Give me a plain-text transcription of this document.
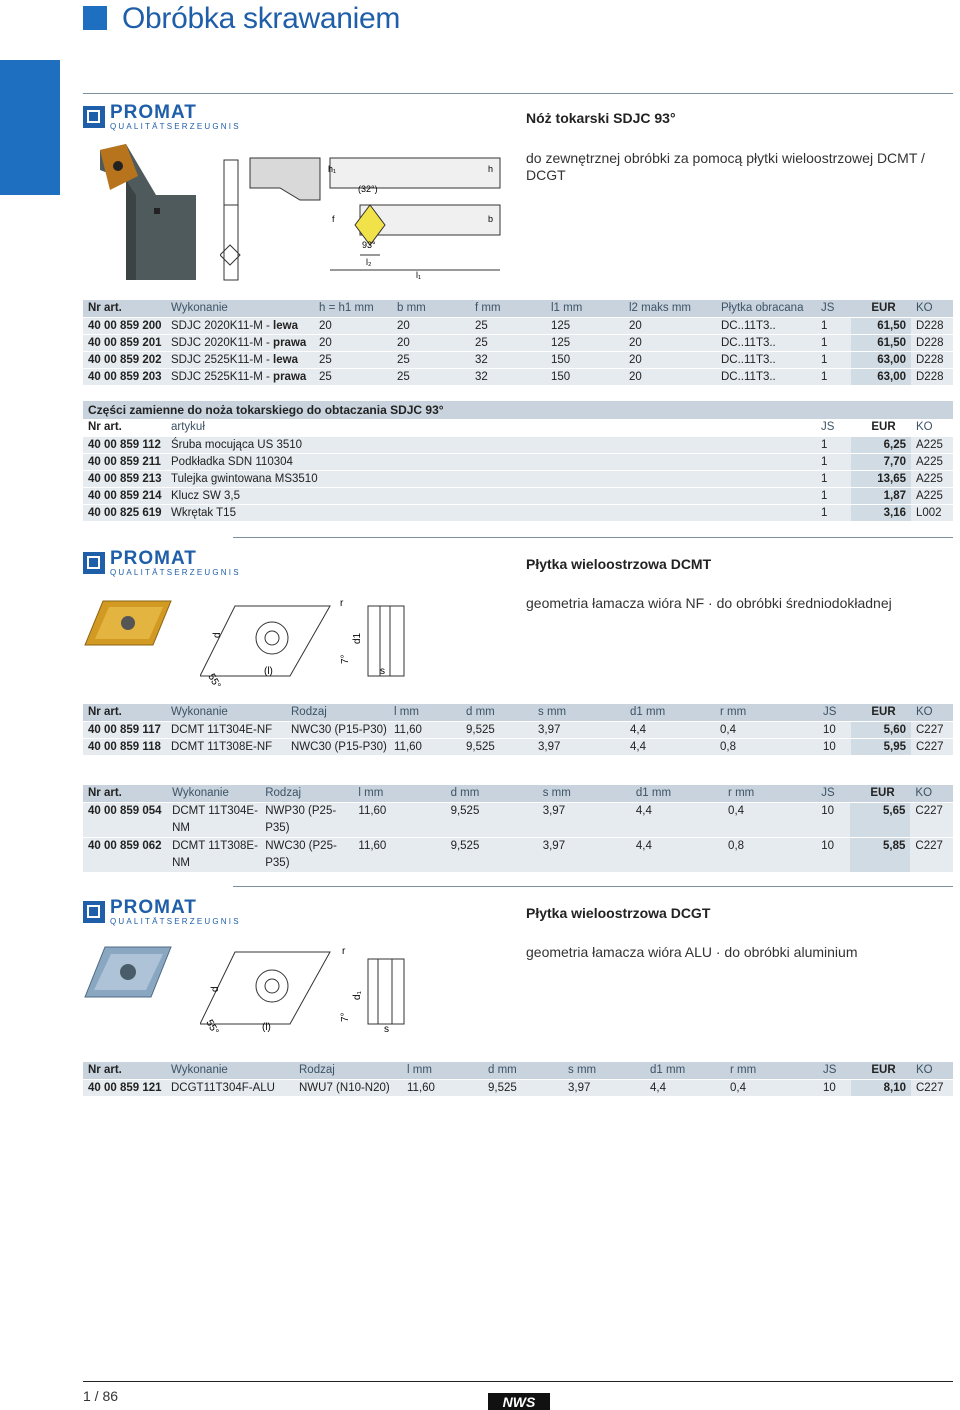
Obróbka skrawaniem
PROMAT
QUALITÄTSERZEUGNIS
Nóż tokarski SDJC 93°
do zewnętrznej obróbki za pomocą płytki wieloostrzowej DCMT / DCGT
h₁	h
(32°)
f	b
93°
l₂
l₁
Nr art.	Wykonanie	h = h1 mm	b mm	f mm	l1 mm	l2 maks mm	Płytka obracana	JS	EUR	KO
40 00 859 200	SDJC 2020K11-M - lewa	20	20	25	125	20	DC..11T3..	1	61,50	D228
40 00 859 201	SDJC 2020K11-M - prawa	20	20	25	125	20	DC..11T3..	1	61,50	D228
40 00 859 202	SDJC 2525K11-M - lewa	25	25	32	150	20	DC..11T3..	1	63,00	D228
40 00 859 203	SDJC 2525K11-M - prawa	25	25	32	150	20	DC..11T3..	1	63,00	D228
Części zamienne do noża tokarskiego do obtaczania SDJC 93°
Nr art.	artykuł	JS	EUR	KO
40 00 859 112	Śruba mocująca US 3510	1	6,25	A225
40 00 859 211	Podkładka SDN 110304	1	7,70	A225
40 00 859 213	Tulejka gwintowana MS3510	1	13,65	A225
40 00 859 214	Klucz SW 3,5	1	1,87	A225
40 00 825 619	Wkrętak T15	1	3,16	L002
PROMAT
QUALITÄTSERZEUGNIS
Płytka wieloostrzowa DCMT
geometria łamacza wióra NF · do obróbki średniodokładnej
d
55°
(l)
r
7°
d1
s
Nr art.	Wykonanie	Rodzaj	l mm	d mm	s mm	d1 mm	r mm	JS	EUR	KO
40 00 859 117	DCMT 11T304E-NF	NWC30 (P15-P30)	11,60	9,525	3,97	4,4	0,4	10	5,60	C227
40 00 859 118	DCMT 11T308E-NF	NWC30 (P15-P30)	11,60	9,525	3,97	4,4	0,8	10	5,95	C227
Nr art.	Wykonanie	Rodzaj	l mm	d mm	s mm	d1 mm	r mm	JS	EUR	KO
40 00 859 054	DCMT 11T304E-NM	NWP30 (P25-P35)	11,60	9,525	3,97	4,4	0,4	10	5,65	C227
40 00 859 062	DCMT 11T308E-NM	NWC30 (P25-P35)	11,60	9,525	3,97	4,4	0,8	10	5,85	C227
PROMAT
QUALITÄTSERZEUGNIS
Płytka wieloostrzowa DCGT
geometria łamacza wióra ALU · do obróbki aluminium
d
55°	(l)
r
7°
d₁
s
Nr art.	Wykonanie	Rodzaj	l mm	d mm	s mm	d1 mm	r mm	JS	EUR	KO
40 00 859 121	DCGT11T304F-ALU	NWU7 (N10-N20)	11,60	9,525	3,97	4,4	0,4	10	8,10	C227
1 / 86	NWS
